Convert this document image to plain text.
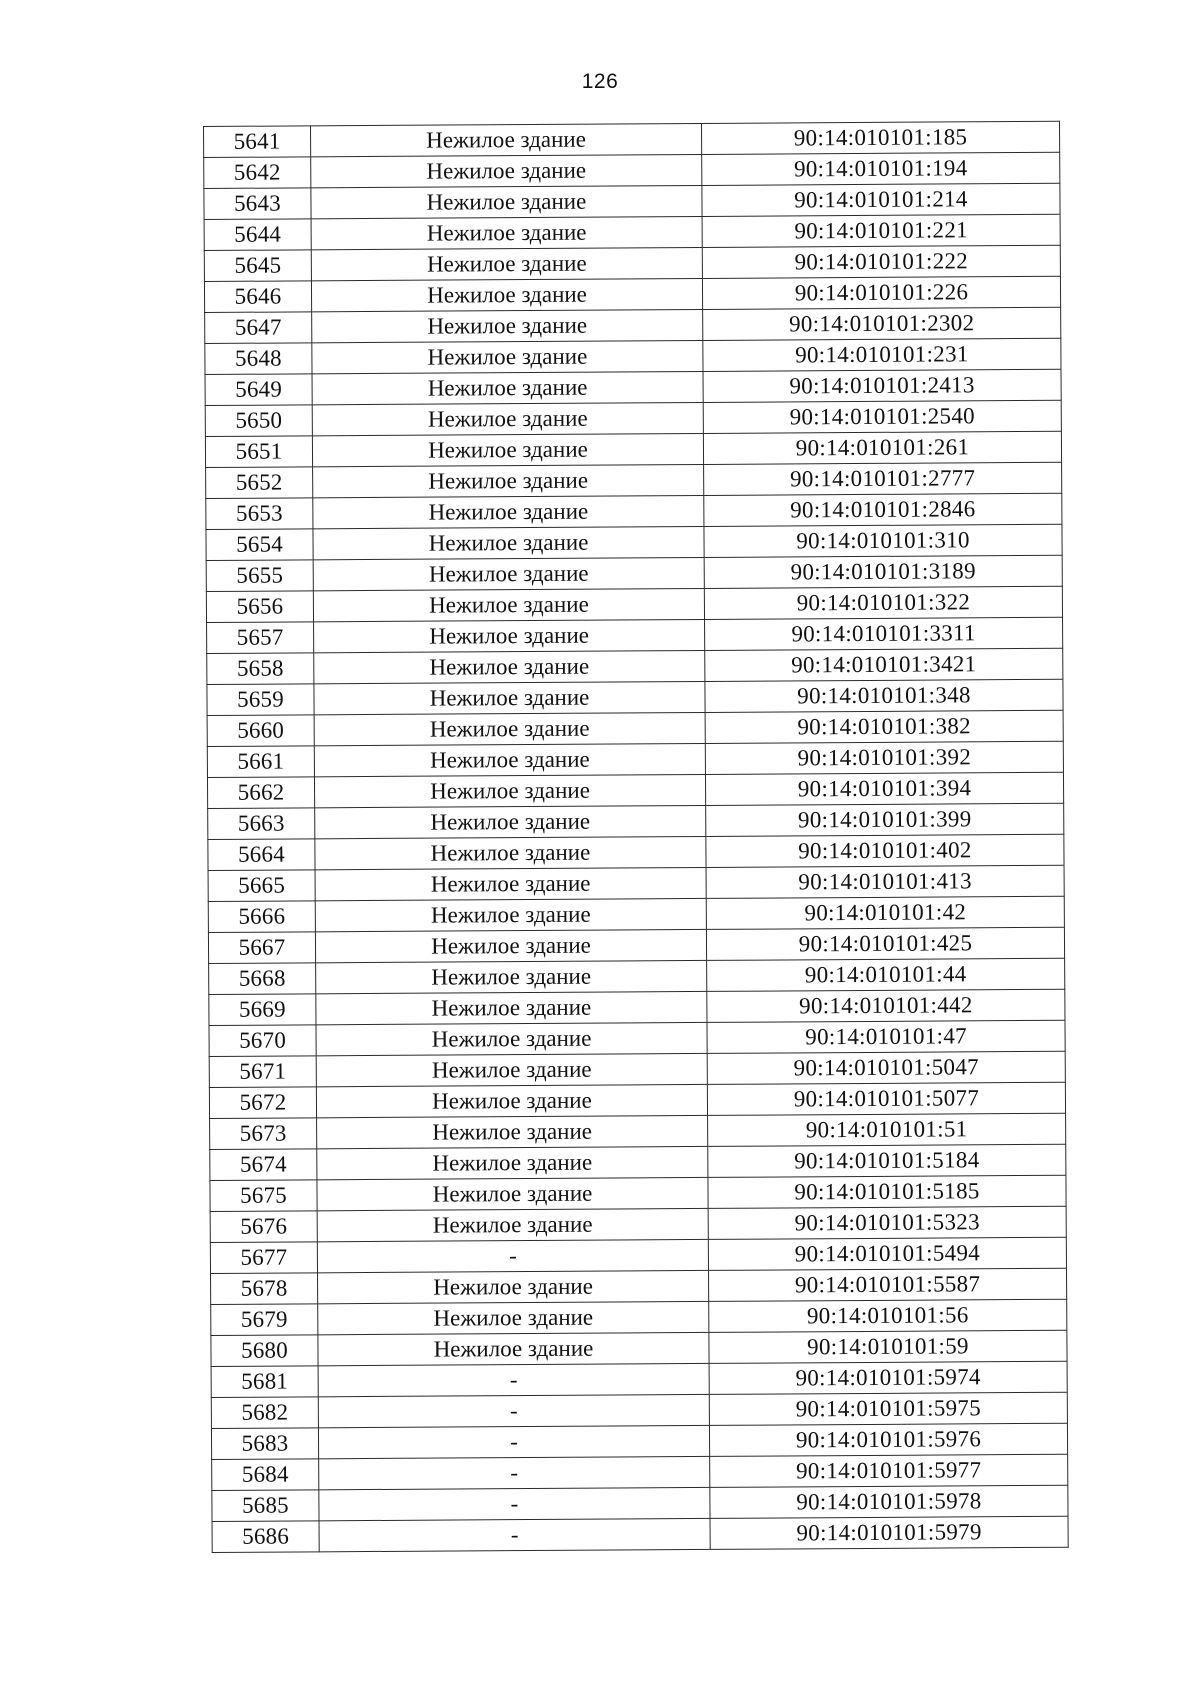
126
5641	Нежилое здание	90:14:010101:185
5642	Нежилое здание	90:14:010101:194
5643	Нежилое здание	90:14:010101:214
5644	Нежилое здание	90:14:010101:221
5645	Нежилое здание	90:14:010101:222
5646	Нежилое здание	90:14:010101:226
5647	Нежилое здание	90:14:010101:2302
5648	Нежилое здание	90:14:010101:231
5649	Нежилое здание	90:14:010101:2413
5650	Нежилое здание	90:14:010101:2540
5651	Нежилое здание	90:14:010101:261
5652	Нежилое здание	90:14:010101:2777
5653	Нежилое здание	90:14:010101:2846
5654	Нежилое здание	90:14:010101:310
5655	Нежилое здание	90:14:010101:3189
5656	Нежилое здание	90:14:010101:322
5657	Нежилое здание	90:14:010101:3311
5658	Нежилое здание	90:14:010101:3421
5659	Нежилое здание	90:14:010101:348
5660	Нежилое здание	90:14:010101:382
5661	Нежилое здание	90:14:010101:392
5662	Нежилое здание	90:14:010101:394
5663	Нежилое здание	90:14:010101:399
5664	Нежилое здание	90:14:010101:402
5665	Нежилое здание	90:14:010101:413
5666	Нежилое здание	90:14:010101:42
5667	Нежилое здание	90:14:010101:425
5668	Нежилое здание	90:14:010101:44
5669	Нежилое здание	90:14:010101:442
5670	Нежилое здание	90:14:010101:47
5671	Нежилое здание	90:14:010101:5047
5672	Нежилое здание	90:14:010101:5077
5673	Нежилое здание	90:14:010101:51
5674	Нежилое здание	90:14:010101:5184
5675	Нежилое здание	90:14:010101:5185
5676	Нежилое здание	90:14:010101:5323
5677	-	90:14:010101:5494
5678	Нежилое здание	90:14:010101:5587
5679	Нежилое здание	90:14:010101:56
5680	Нежилое здание	90:14:010101:59
5681	-	90:14:010101:5974
5682	-	90:14:010101:5975
5683	-	90:14:010101:5976
5684	-	90:14:010101:5977
5685	-	90:14:010101:5978
5686	-	90:14:010101:5979
